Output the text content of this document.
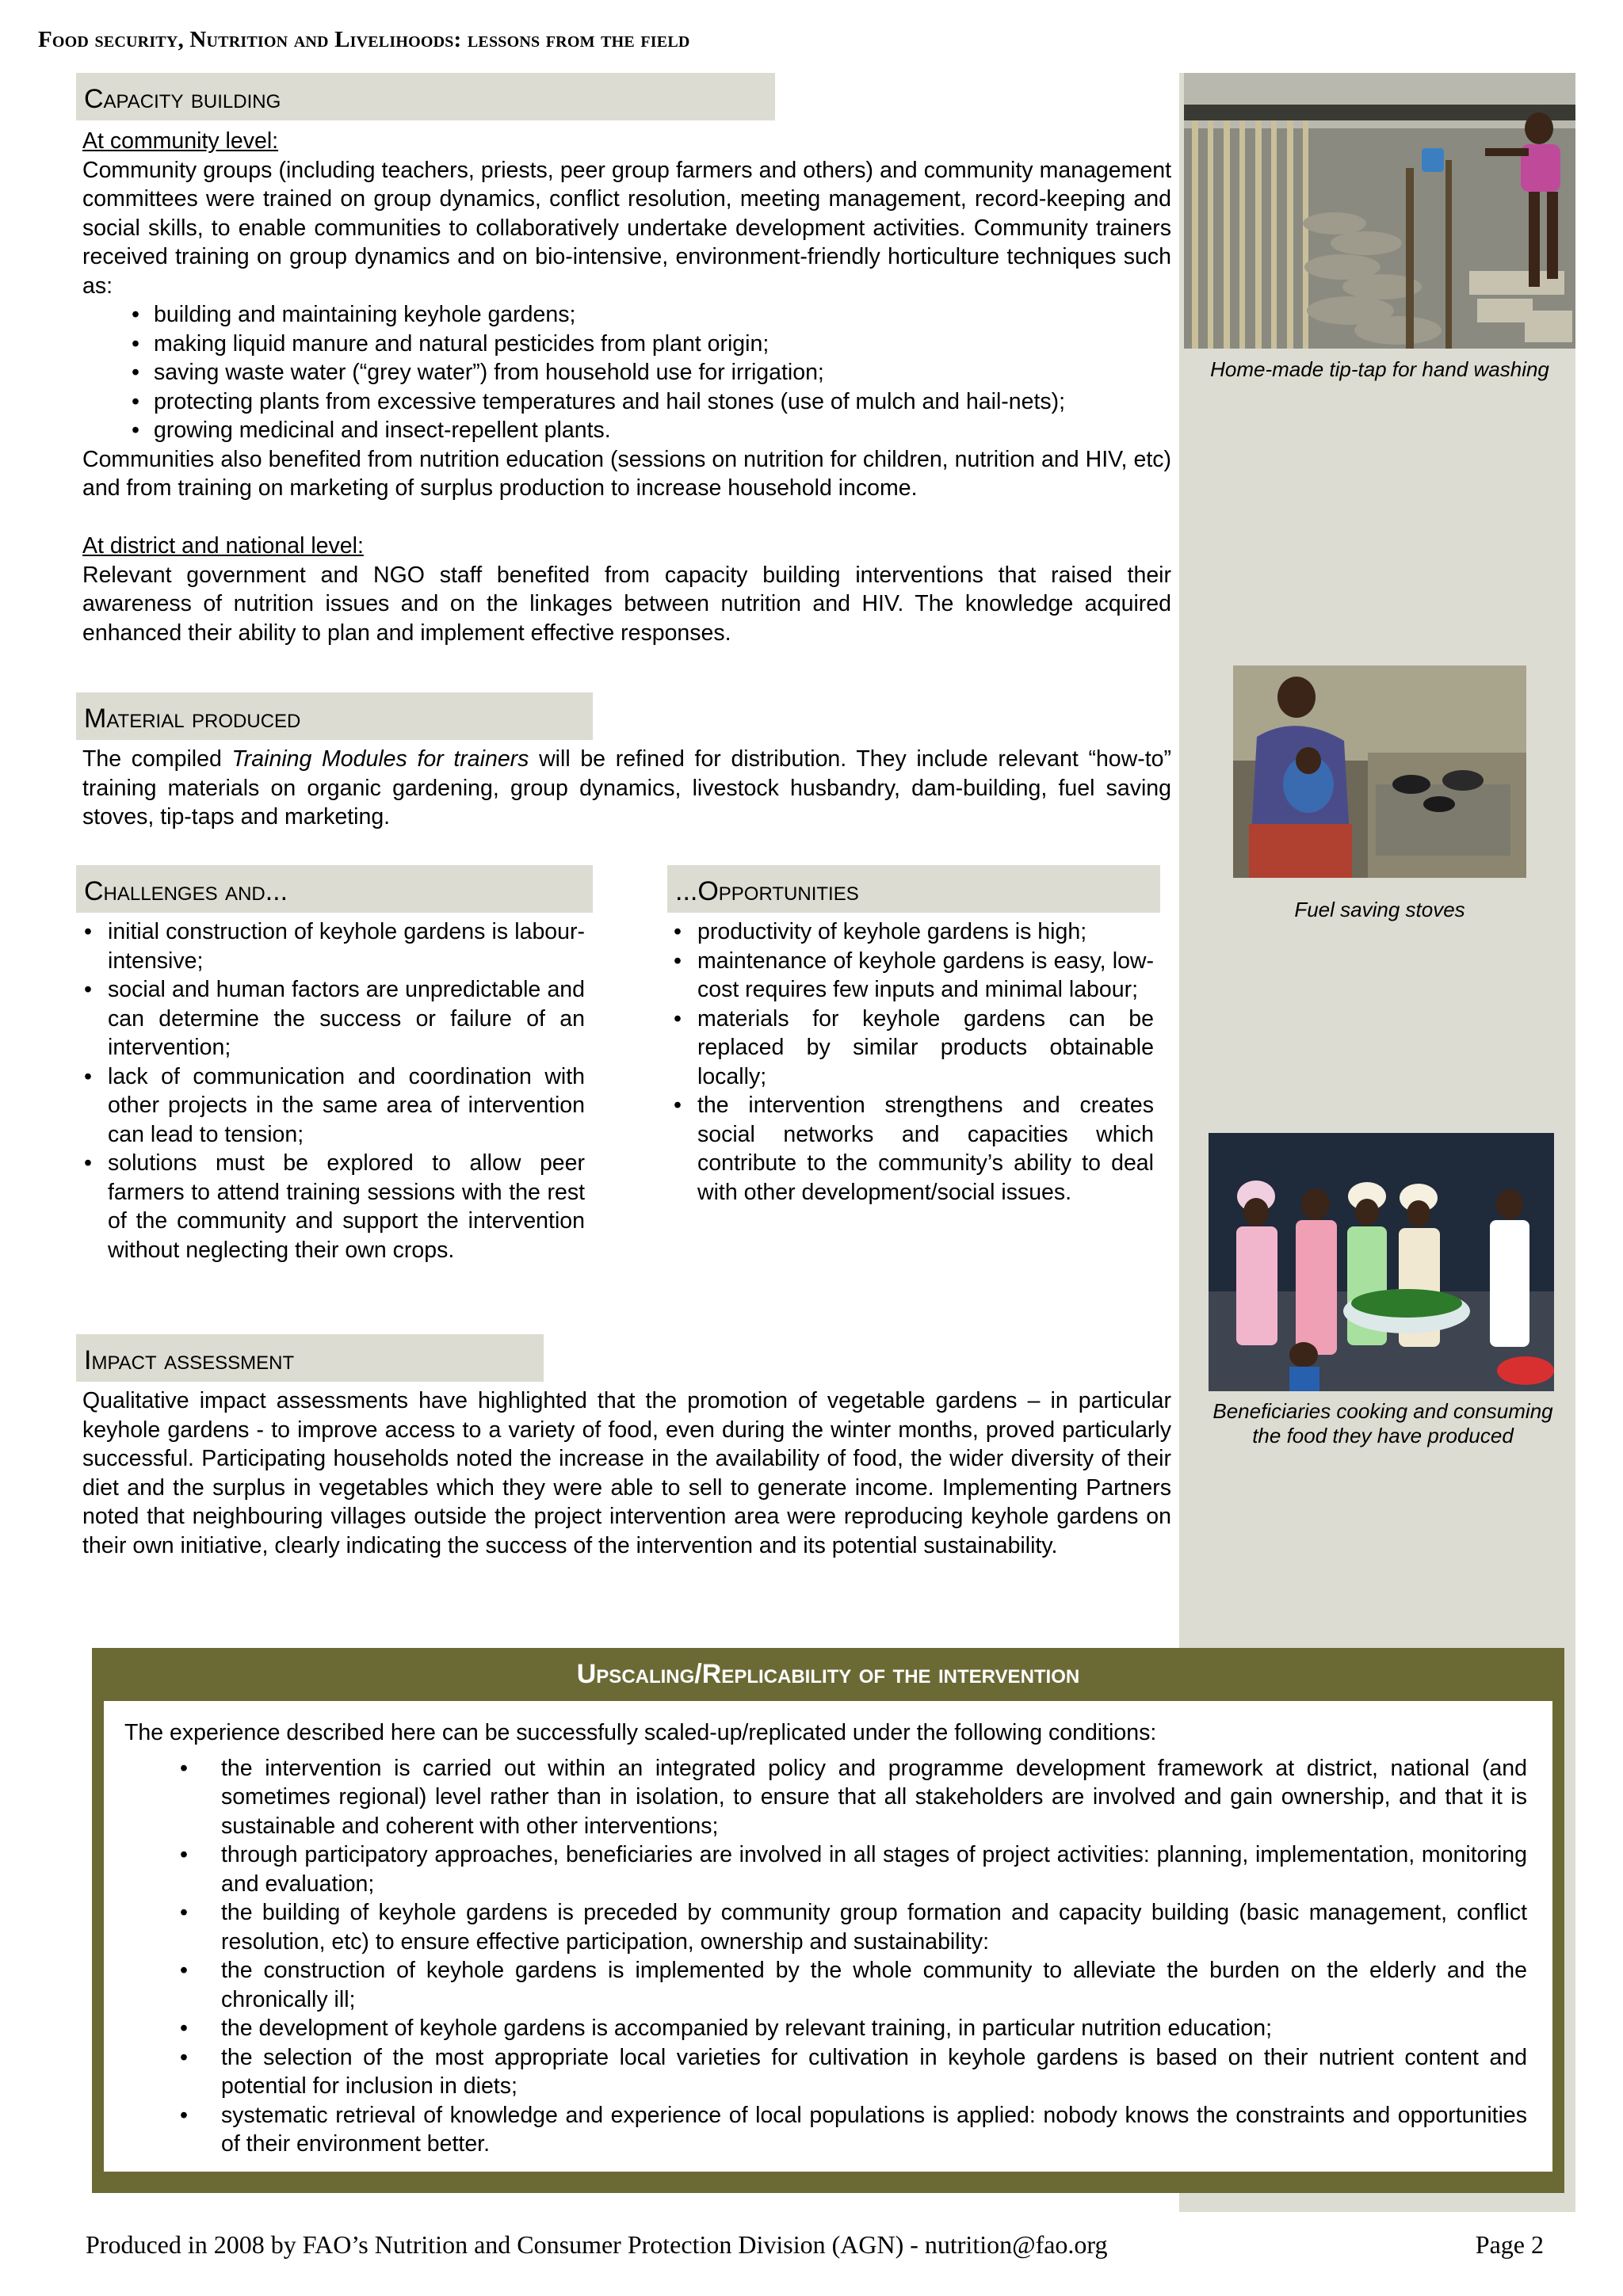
Food security, Nutrition and Livelihoods: lessons from the field
Home-made tip-tap for hand washing
Fuel saving stoves
Beneficiaries cooking and consuming the food they have produced
Capacity building

At community level:

Community groups (including teachers, priests, peer group farmers and others) and community management committees were trained on group dynamics, conflict resolution, meeting management, record-keeping and social skills, to enable communities to collaboratively undertake development activities. Community trainers received training on group dynamics and on bio-intensive, environment-friendly horticulture techniques such as:

• building and maintaining keyhole gardens;
• making liquid manure and natural pesticides from plant origin;
• saving waste water (“grey water”) from household use for irrigation;
• protecting plants from excessive temperatures and hail stones (use of mulch and hail-nets);
• growing medicinal and insect-repellent plants.

Communities also benefited from nutrition education (sessions on nutrition for children, nutrition and HIV, etc) and from training on marketing of surplus production to increase household income.

At district and national level:

Relevant government and NGO staff benefited from capacity building interventions that raised their awareness of nutrition issues and on the linkages between nutrition and HIV. The knowledge acquired enhanced their ability to plan and implement effective responses.

Material produced

The compiled Training Modules for trainers will be refined for distribution. They include relevant “how-to” training materials on organic gardening, group dynamics, livestock husbandry, dam-building, fuel saving stoves, tip-taps and marketing.

Challenges and...
• initial construction of keyhole gardens is labour-intensive;
• social and human factors are unpredictable and can determine the success or failure of an intervention;
• lack of communication and coordination with other projects in the same area of intervention can lead to tension;
• solutions must be explored to allow peer farmers to attend training sessions with the rest of the community and support the intervention without neglecting their own crops.
...Opportunities
• productivity of keyhole gardens is high;
• maintenance of keyhole gardens is easy, low-cost requires few inputs and minimal labour;
• materials for keyhole gardens can be replaced by similar products obtainable locally;
• the intervention strengthens and creates social networks and capacities which contribute to the community’s ability to deal with other development/social issues.
Impact assessment

Qualitative impact assessments have highlighted that the promotion of vegetable gardens – in particular keyhole gardens - to improve access to a variety of food, even during the winter months, proved particularly successful. Participating households noted the increase in the availability of food, the wider diversity of their diet and the surplus in vegetables which they were able to sell to generate income. Implementing Partners noted that neighbouring villages outside the project intervention area were reproducing keyhole gardens on their own initiative, clearly indicating the success of the intervention and its potential sustainability.

Upscaling/Replicability of the intervention

The experience described here can be successfully scaled-up/replicated under the following conditions:

• the intervention is carried out within an integrated policy and programme development framework at district, national (and sometimes regional) level rather than in isolation, to ensure that all stakeholders are involved and gain ownership, and that it is sustainable and coherent with other interventions;
• through participatory approaches, beneficiaries are involved in all stages of project activities: planning, implementation, monitoring and evaluation;
• the building of keyhole gardens is preceded by community group formation and capacity building (basic management, conflict resolution, etc) to ensure effective participation, ownership and sustainability:
• the construction of keyhole gardens is implemented by the whole community to alleviate the burden on the elderly and the chronically ill;
• the development of keyhole gardens is accompanied by relevant training, in particular nutrition education;
• the selection of the most appropriate local varieties for cultivation in keyhole gardens is based on their nutrient content and potential for inclusion in diets;
• systematic retrieval of knowledge and experience of local populations is applied: nobody knows the constraints and opportunities of their environment better.
Produced in 2008 by FAO’s Nutrition and Consumer Protection Division (AGN) - nutrition@fao.org	Page 2
